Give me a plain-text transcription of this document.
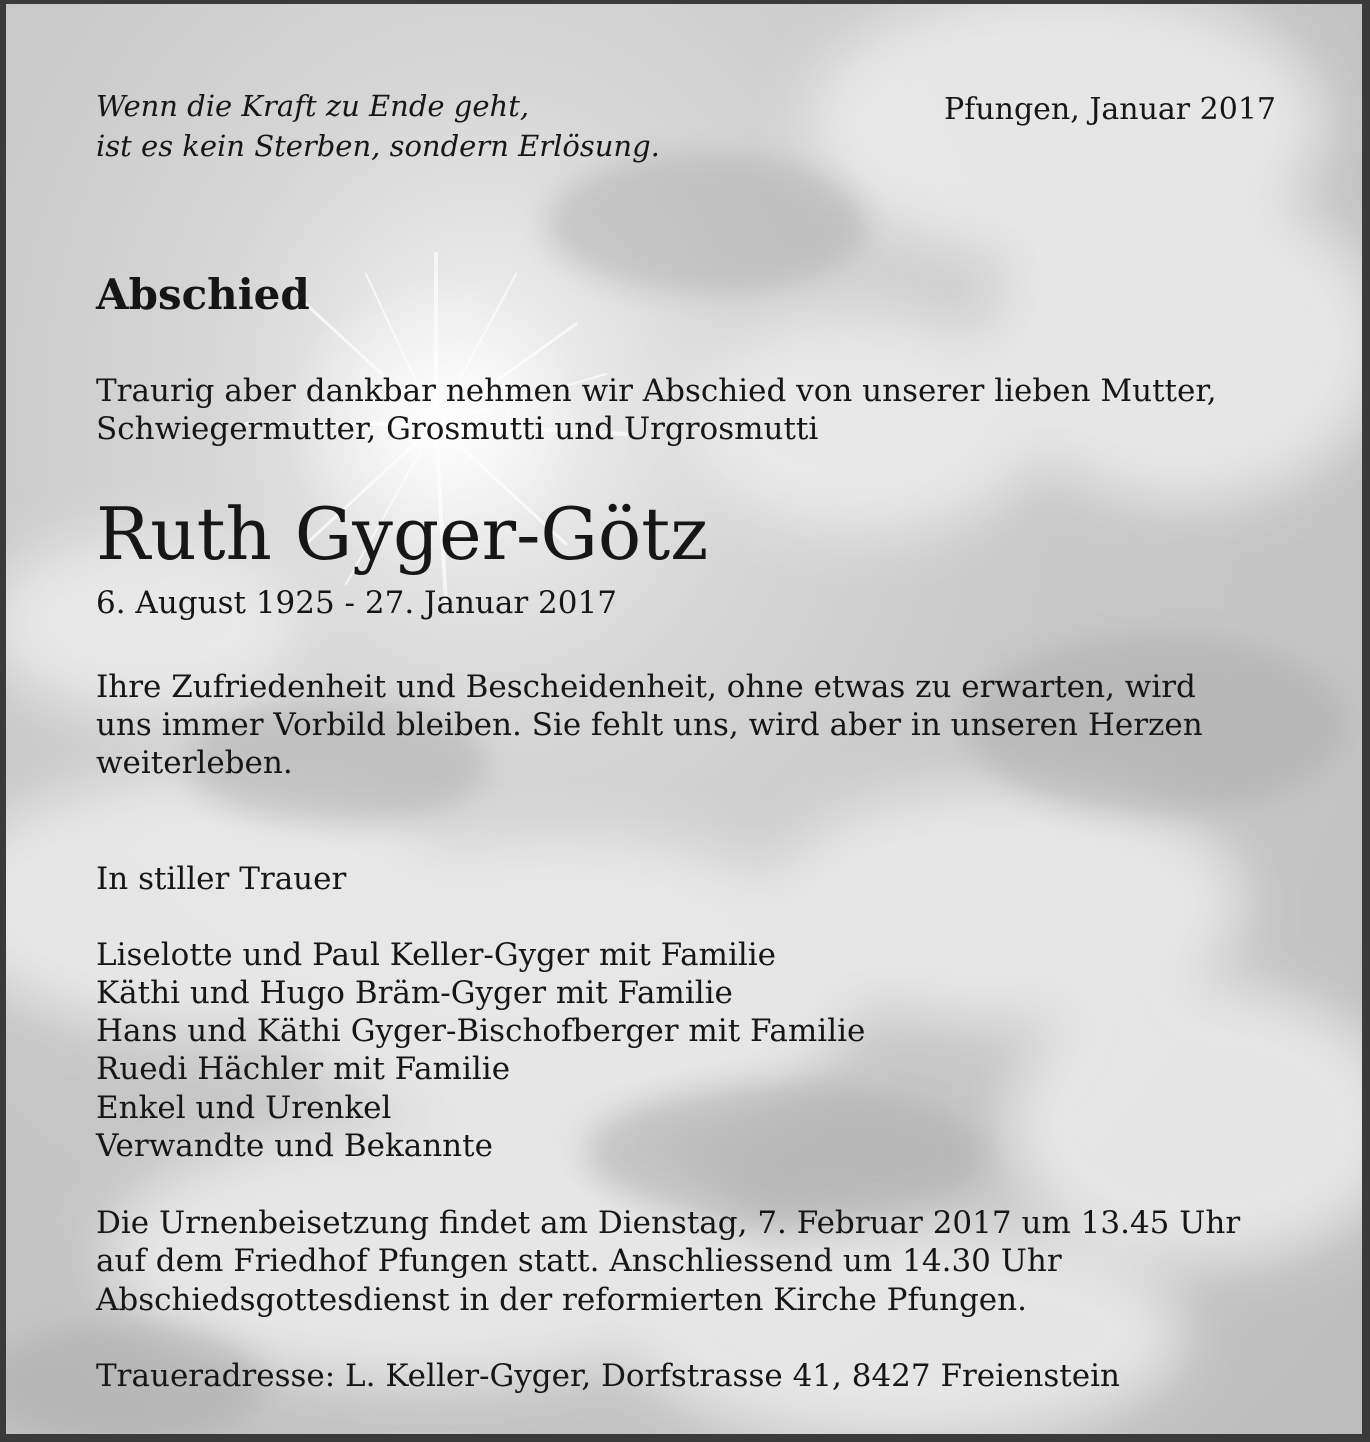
Wenn die Kraft zu Ende geht,
ist es kein Sterben, sondern Erlösung.
Pfungen, Januar 2017
Abschied
Traurig aber dankbar nehmen wir Abschied von unserer lieben Mutter,
Schwiegermutter, Grosmutti und Urgrosmutti
Ruth Gyger-Götz
6. August 1925 - 27. Januar 2017
Ihre Zufriedenheit und Bescheidenheit, ohne etwas zu erwarten, wird
uns immer Vorbild bleiben. Sie fehlt uns, wird aber in unseren Herzen
weiterleben.
In stiller Trauer
Liselotte und Paul Keller-Gyger mit Familie
Käthi und Hugo Bräm-Gyger mit Familie
Hans und Käthi Gyger-Bischofberger mit Familie
Ruedi Hächler mit Familie
Enkel und Urenkel
Verwandte und Bekannte
Die Urnenbeisetzung findet am Dienstag, 7. Februar 2017 um 13.45 Uhr
auf dem Friedhof Pfungen statt. Anschliessend um 14.30 Uhr
Abschiedsgottesdienst in der reformierten Kirche Pfungen.
Traueradresse: L. Keller-Gyger, Dorfstrasse 41, 8427 Freienstein
